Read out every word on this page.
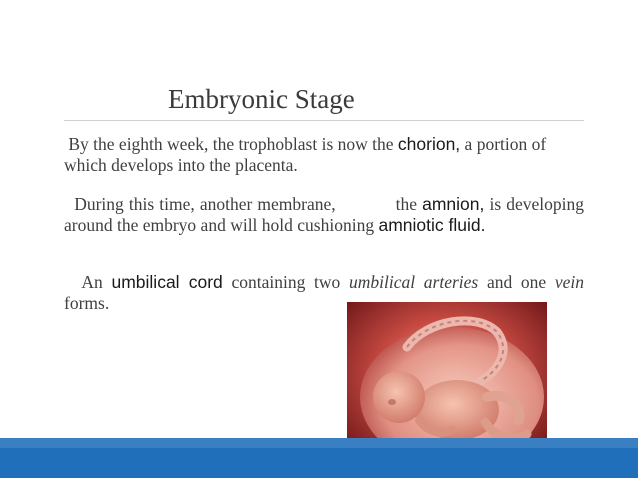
Embryonic Stage
By the eighth week, the trophoblast is now the chorion, a portion of which develops into the placenta.
During this time, another membrane,	the amnion, is developing around the embryo and will hold cushioning amniotic fluid.
An umbilical cord containing two umbilical arteries and one vein forms.
